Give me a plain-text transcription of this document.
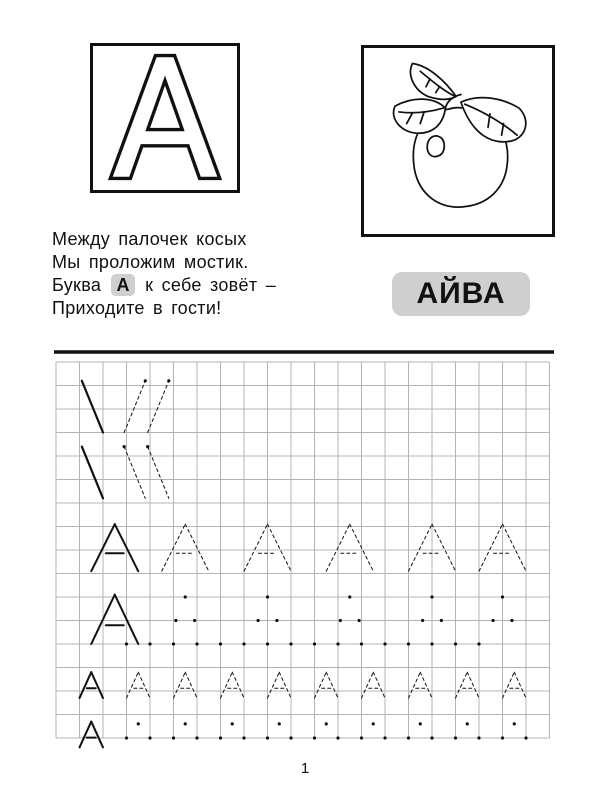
Между палочек косых
Мы проложим мостик.
Буква А к себе зовёт –
Приходите в гости!	АЙВА
1
